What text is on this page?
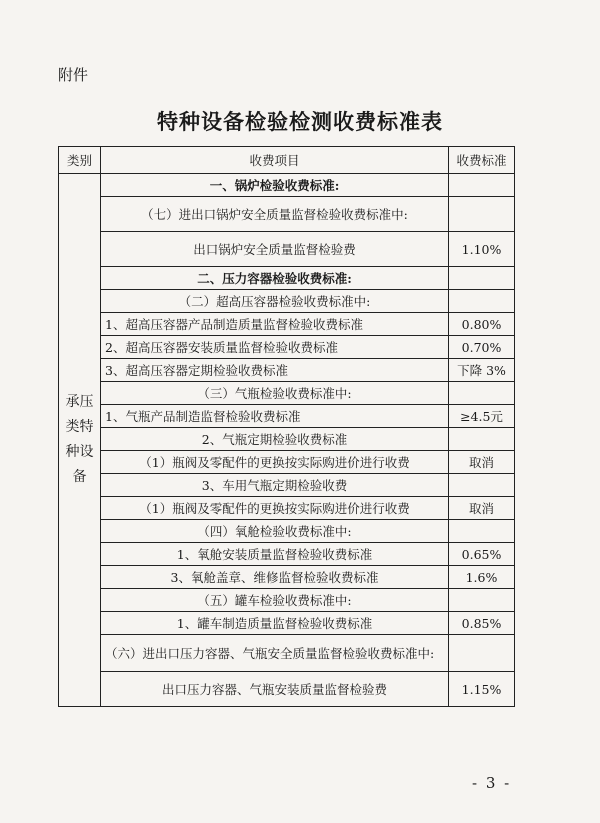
附件
特种设备检验检测收费标准表
类别	收费项目	收费标准
承压类特种设备	一、锅炉检验收费标准:	
	（七）进出口锅炉安全质量监督检验收费标准中:	
	出口锅炉安全质量监督检验费	1.10%
	二、压力容器检验收费标准:	
	（二）超高压容器检验收费标准中:	
	1、超高压容器产品制造质量监督检验收费标准	0.80%
	2、超高压容器安装质量监督检验收费标准	0.70%
	3、超高压容器定期检验收费标准	下降 3%
	（三）气瓶检验收费标准中:	
	1、气瓶产品制造监督检验收费标准	≥4.5元
	2、气瓶定期检验收费标准	
	（1）瓶阀及零配件的更换按实际购进价进行收费	取消
	3、车用气瓶定期检验收费	
	（1）瓶阀及零配件的更换按实际购进价进行收费	取消
	（四）氧舱检验收费标准中:	
	1、氧舱安装质量监督检验收费标准	0.65%
	3、氧舱盖章、维修监督检验收费标准	1.6%
	（五）罐车检验收费标准中:	
	1、罐车制造质量监督检验收费标准	0.85%
	（六）进出口压力容器、气瓶安全质量监督检验收费标准中:	
	出口压力容器、气瓶安装质量监督检验费	1.15%
- 3 -
